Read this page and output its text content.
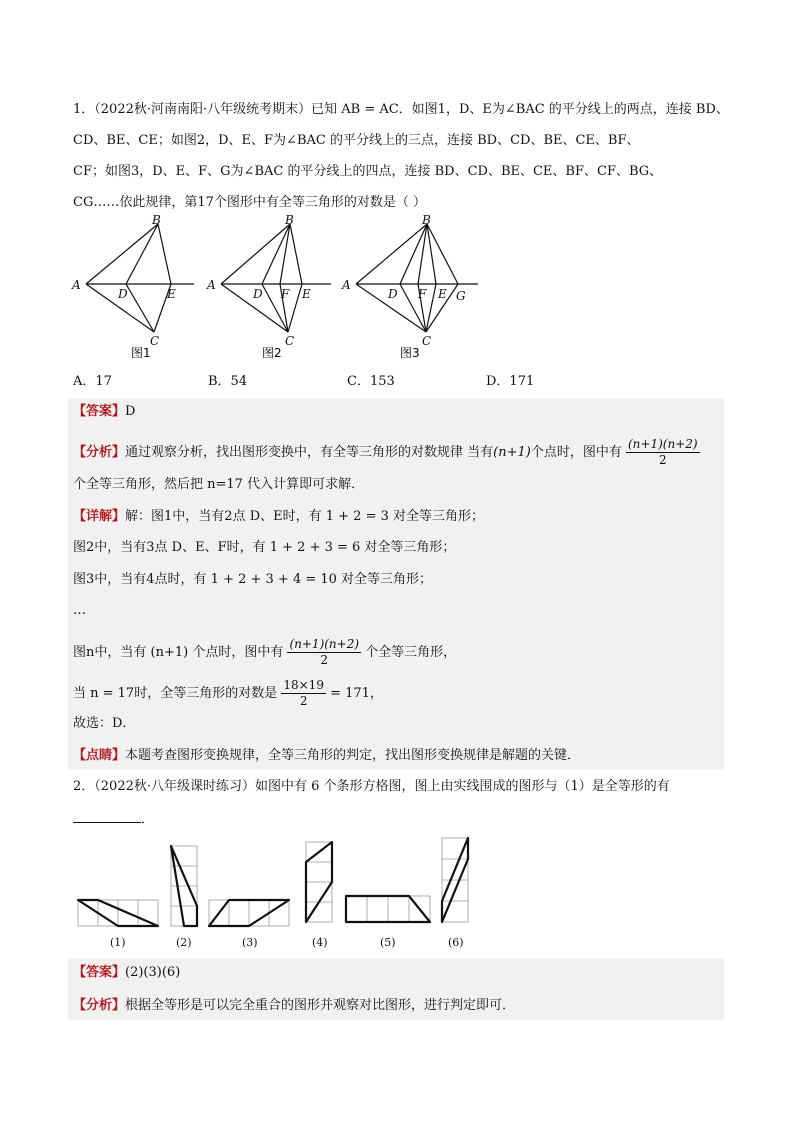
1．（2022秋·河南南阳·八年级统考期末）已知 AB = AC．如图1，D、E为∠BAC 的平分线上的两点，连接 BD、
CD、BE、CE；如图2，D、E、F为∠BAC 的平分线上的三点，连接 BD、CD、BE、CE、BF、
CF；如图3，D、E、F、G为∠BAC 的平分线上的四点，连接 BD、CD、BE、CE、BF、CF、BG、
CG……依此规律，第17个图形中有全等三角形的对数是（ ）
A
B
D	E
C
图1
A
B
D F E
C
图2
A
B
D F E G
C
图3
A．17	B．54	C．153	D．171
【答案】D
【分析】通过观察分析，找出图形变换中，有全等三角形的对数规律 当有(n+1)个点时，图中有 $\frac{(n+1)(n+2)}{2}$
个全等三角形，然后把 n=17 代入计算即可求解．
【详解】解：图1中，当有2点 D、E时，有 1 + 2 = 3 对全等三角形；
图2中，当有3点 D、E、F时，有 1 + 2 + 3 = 6 对全等三角形；
图3中，当有4点时，有 1 + 2 + 3 + 4 = 10 对全等三角形；
…
图n中，当有 (n+1) 个点时，图中有 $\frac{(n+1)(n+2)}{2}$ 个全等三角形，
当 n = 17时，全等三角形的对数是 $\frac{18\times 19}{2} = 171$，
故选：D．
【点睛】本题考查图形变换规律，全等三角形的判定，找出图形变换规律是解题的关键．
2．（2022秋·八年级课时练习）如图中有 6 个条形方格图，图上由实线围成的图形与（1）是全等形的有
．
(1)	(2)	(3)	(4)	(5)	(6)
【答案】(2)(3)(6)
【分析】根据全等形是可以完全重合的图形并观察对比图形，进行判定即可．
